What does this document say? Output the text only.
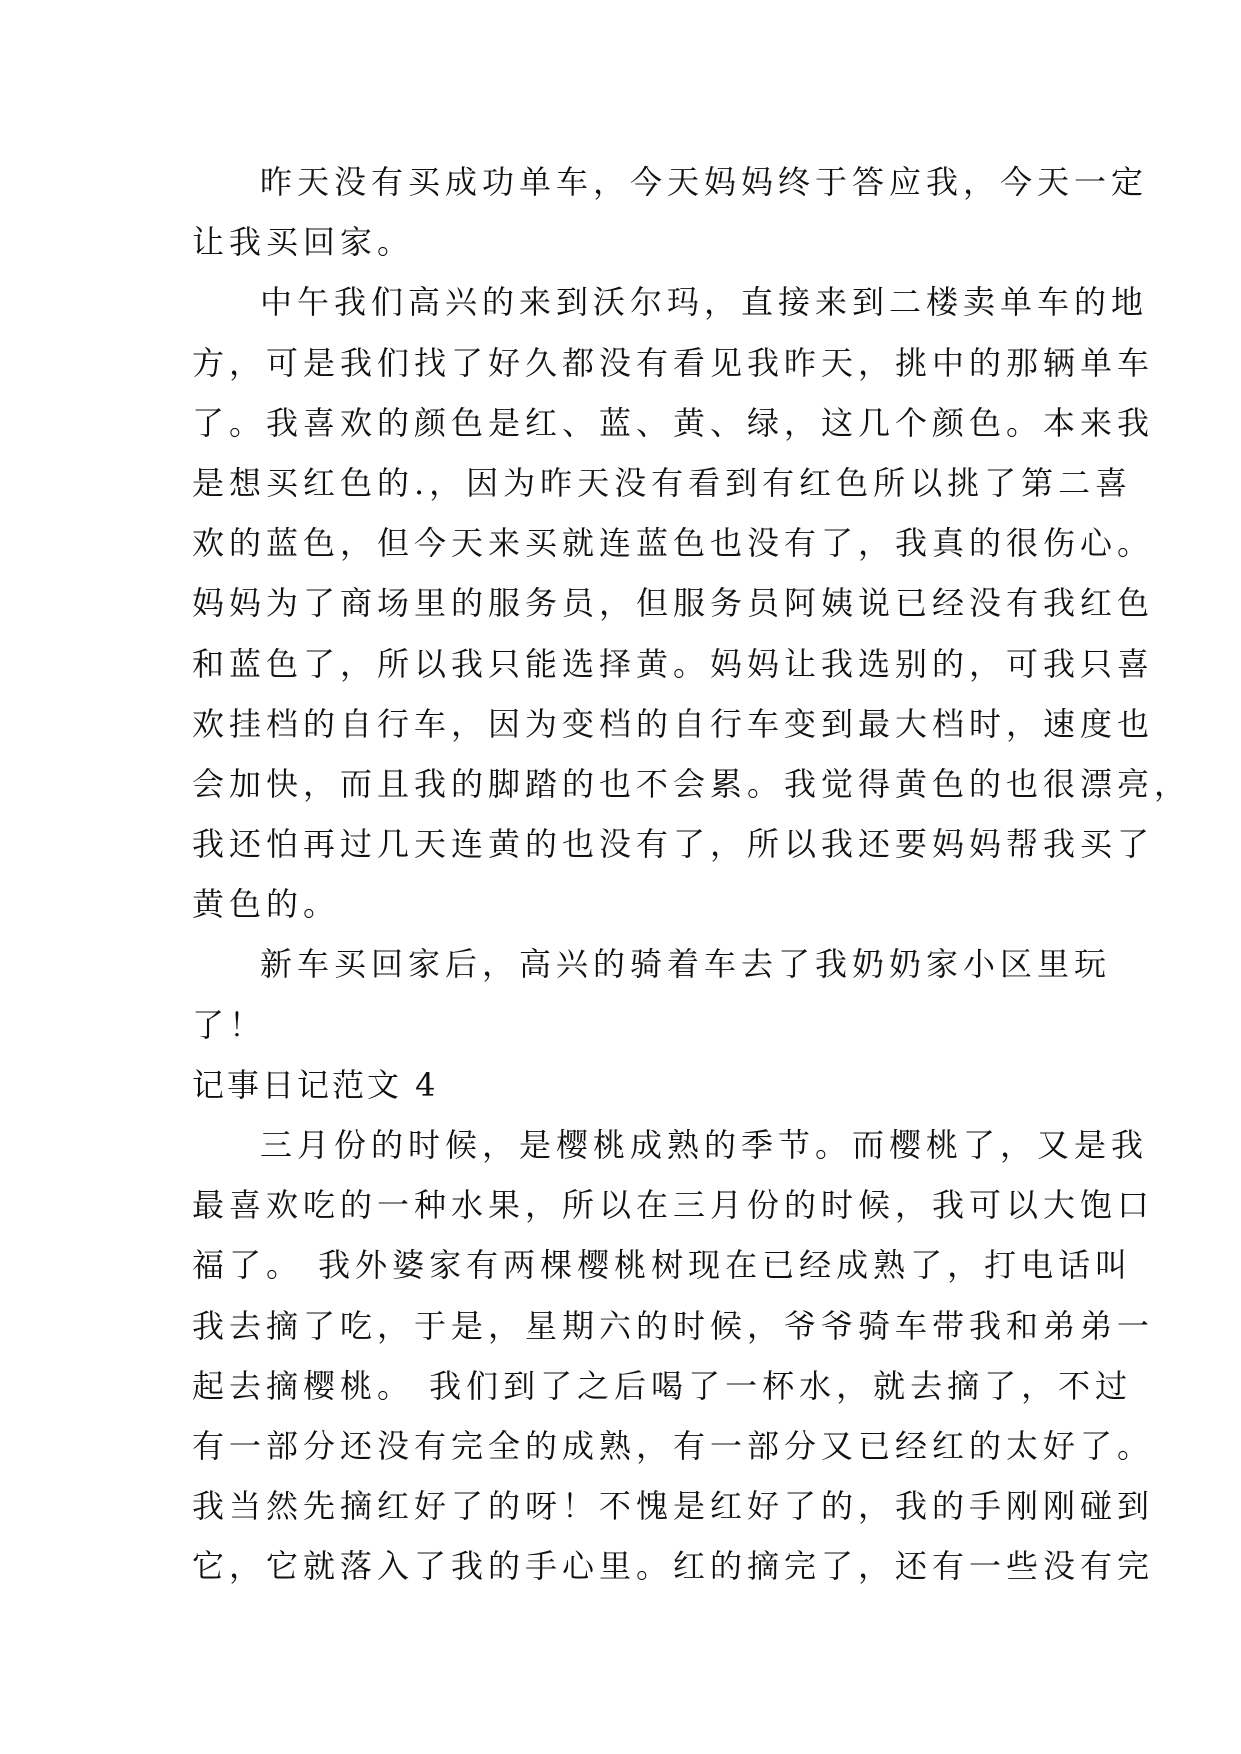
昨天没有买成功单车，今天妈妈终于答应我，今天一定
让我买回家。
中午我们高兴的来到沃尔玛，直接来到二楼卖单车的地
方，可是我们找了好久都没有看见我昨天，挑中的那辆单车
了。我喜欢的颜色是红、蓝、黄、绿，这几个颜色。本来我
是想买红色的.，因为昨天没有看到有红色所以挑了第二喜
欢的蓝色，但今天来买就连蓝色也没有了，我真的很伤心。
妈妈为了商场里的服务员，但服务员阿姨说已经没有我红色
和蓝色了，所以我只能选择黄。妈妈让我选别的，可我只喜
欢挂档的自行车，因为变档的自行车变到最大档时，速度也
会加快，而且我的脚踏的也不会累。我觉得黄色的也很漂亮，
我还怕再过几天连黄的也没有了，所以我还要妈妈帮我买了
黄色的。
新车买回家后，高兴的骑着车去了我奶奶家小区里玩
了！
记事日记范文 4
三月份的时候，是樱桃成熟的季节。而樱桃了，又是我
最喜欢吃的一种水果，所以在三月份的时候，我可以大饱口
福了。 我外婆家有两棵樱桃树现在已经成熟了，打电话叫
我去摘了吃，于是，星期六的时候，爷爷骑车带我和弟弟一
起去摘樱桃。 我们到了之后喝了一杯水，就去摘了，不过
有一部分还没有完全的成熟，有一部分又已经红的太好了。
我当然先摘红好了的呀！不愧是红好了的，我的手刚刚碰到
它，它就落入了我的手心里。红的摘完了，还有一些没有完
